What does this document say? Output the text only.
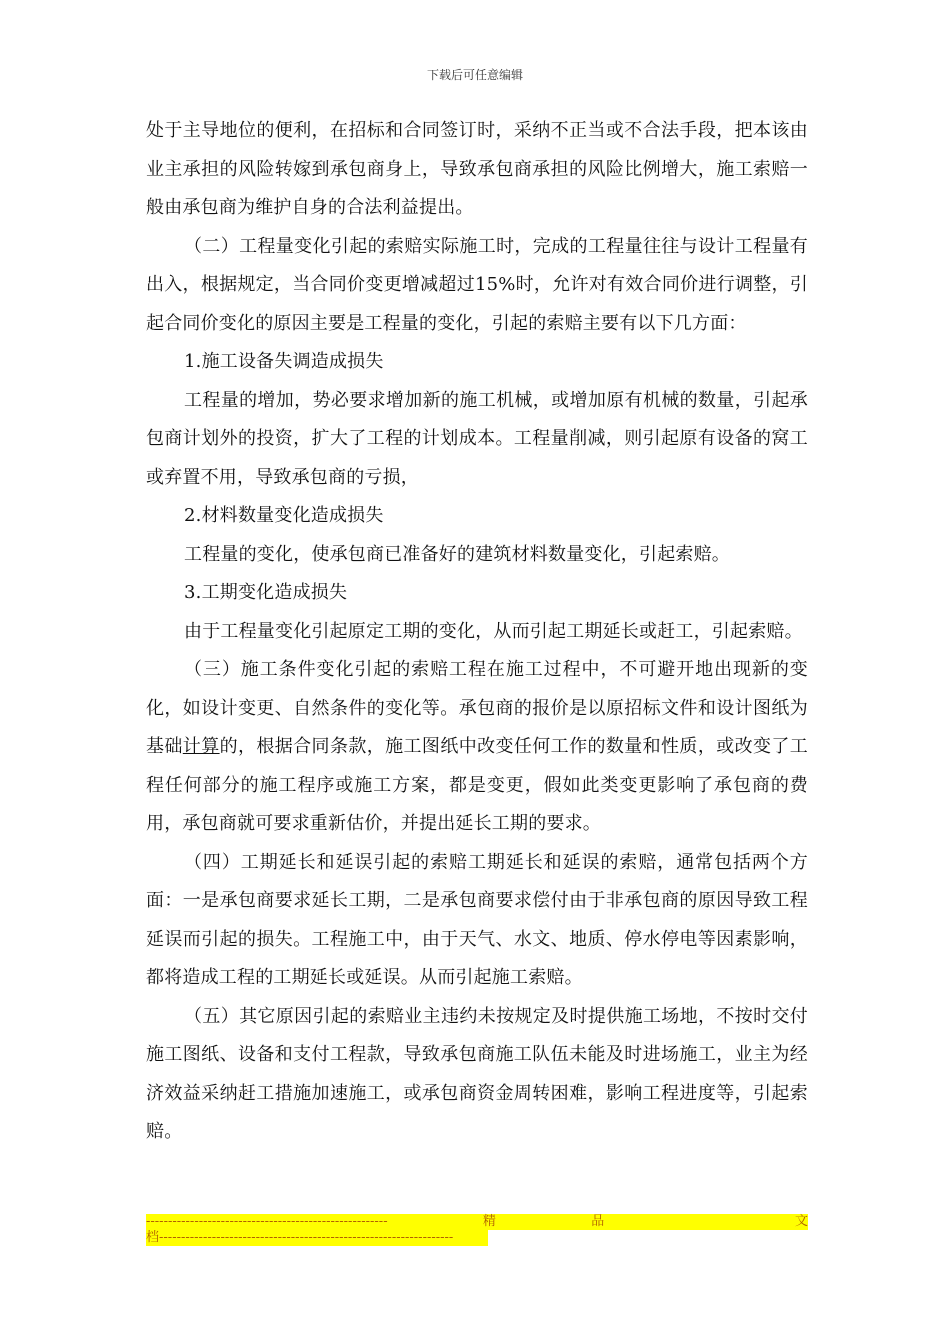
下载后可任意编辑

处于主导地位的便利，在招标和合同签订时，采纳不正当或不合法手段，把本该由业主承担的风险转嫁到承包商身上，导致承包商承担的风险比例增大，施工索赔一般由承包商为维护自身的合法利益提出。

（二）工程量变化引起的索赔实际施工时，完成的工程量往往与设计工程量有出入，根据规定，当合同价变更增减超过15%时，允许对有效合同价进行调整，引起合同价变化的原因主要是工程量的变化，引起的索赔主要有以下几方面：

1.施工设备失调造成损失

工程量的增加，势必要求增加新的施工机械，或增加原有机械的数量，引起承包商计划外的投资，扩大了工程的计划成本。工程量削减，则引起原有设备的窝工或弃置不用，导致承包商的亏损，

2.材料数量变化造成损失

工程量的变化，使承包商已准备好的建筑材料数量变化，引起索赔。

3.工期变化造成损失

由于工程量变化引起原定工期的变化，从而引起工期延长或赶工，引起索赔。

（三）施工条件变化引起的索赔工程在施工过程中，不可避开地出现新的变化，如设计变更、自然条件的变化等。承包商的报价是以原招标文件和设计图纸为基础计算的，根据合同条款，施工图纸中改变任何工作的数量和性质，或改变了工程任何部分的施工程序或施工方案，都是变更，假如此类变更影响了承包商的费用，承包商就可要求重新估价，并提出延长工期的要求。

（四）工期延长和延误引起的索赔工期延长和延误的索赔，通常包括两个方面：一是承包商要求延长工期，二是承包商要求偿付由于非承包商的原因导致工程延误而引起的损失。工程施工中，由于天气、水文、地质、停水停电等因素影响，都将造成工程的工期延长或延误。从而引起施工索赔。

（五）其它原因引起的索赔业主违约未按规定及时提供施工场地，不按时交付施工图纸、设备和支付工程款，导致承包商施工队伍未能及时进场施工，业主为经济效益采纳赶工措施加速施工，或承包商资金周转困难，影响工程进度等，引起索赔。

-------------------------------------------------------	精	品	文
档-------------------------------------------------------------------
